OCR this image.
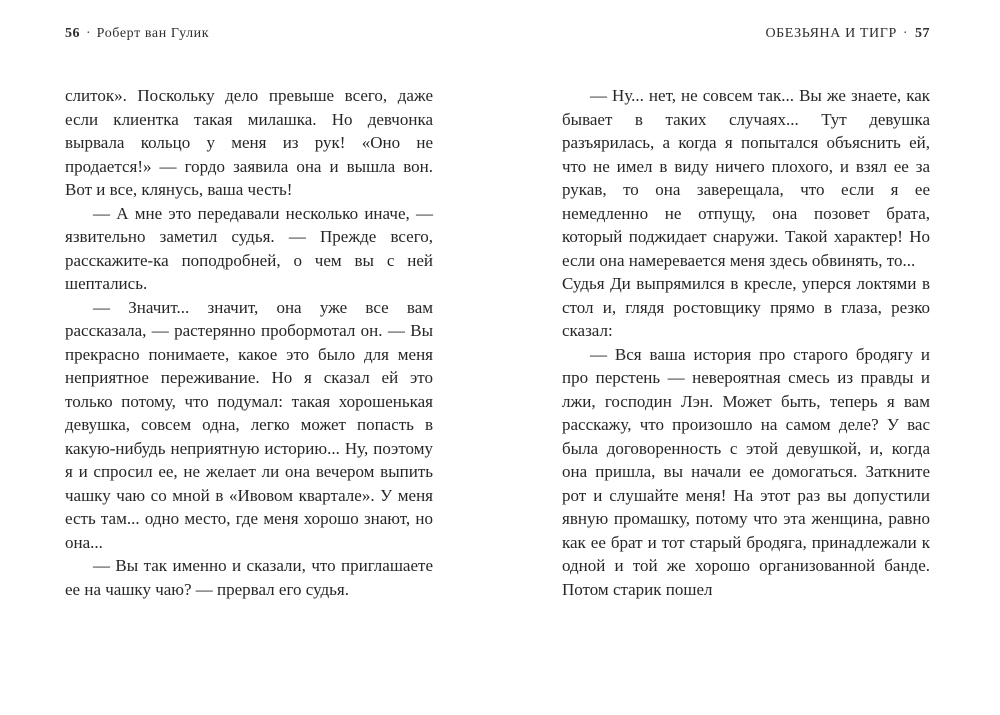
56 · Роберт ван Гулик

слиток». Поскольку дело превыше всего, даже если клиентка такая милашка. Но девчонка вырвала кольцо у меня из рук! «Оно не продается!» — гордо заявила она и вышла вон. Вот и все, клянусь, ваша честь!

— А мне это передавали несколько иначе, — язвительно заметил судья. — Прежде всего, расскажите-ка поподробней, о чем вы с ней шептались.

— Значит... значит, она уже все вам рассказала, — растерянно пробормотал он. — Вы прекрасно понимаете, какое это было для меня неприятное переживание. Но я сказал ей это только потому, что подумал: такая хорошенькая девушка, совсем одна, легко может попасть в какую-нибудь неприятную историю... Ну, поэтому я и спросил ее, не желает ли она вечером выпить чашку чаю со мной в «Ивовом квартале». У меня есть там... одно место, где меня хорошо знают, но она...

— Вы так именно и сказали, что приглашаете ее на чашку чаю? — прервал его судья.

ОБЕЗЬЯНА И ТИГР · 57

— Ну... нет, не совсем так... Вы же знаете, как бывает в таких случаях... Тут девушка разъярилась, а когда я попытался объяснить ей, что не имел в виду ничего плохого, и взял ее за рукав, то она заверещала, что если я ее немедленно не отпущу, она позовет брата, который поджидает снаружи. Такой характер! Но если она намеревается меня здесь обвинять, то...

Судья Ди выпрямился в кресле, уперся локтями в стол и, глядя ростовщику прямо в глаза, резко сказал:

— Вся ваша история про старого бродягу и про перстень — невероятная смесь из правды и лжи, господин Лэн. Может быть, теперь я вам расскажу, что произошло на самом деле? У вас была договоренность с этой девушкой, и, когда она пришла, вы начали ее домогаться. Заткните рот и слушайте меня! На этот раз вы допустили явную промашку, потому что эта женщина, равно как ее брат и тот старый бродяга, принадлежали к одной и той же хорошо организованной банде. Потом старик пошел
